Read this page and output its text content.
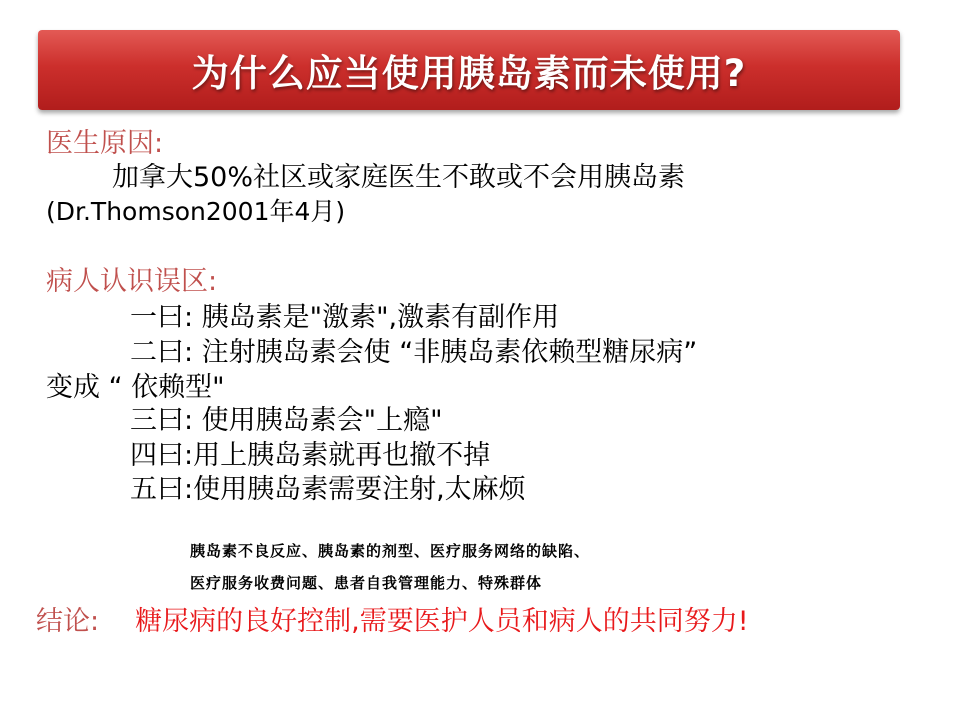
为什么应当使用胰岛素而未使用?
医生原因:
加拿大50%社区或家庭医生不敢或不会用胰岛素
(Dr.Thomson2001年4月)
病人认识误区:
一曰: 胰岛素是"激素",激素有副作用
二曰: 注射胰岛素会使 “非胰岛素依赖型糖尿病”
变成 “ 依赖型"
三曰: 使用胰岛素会"上瘾"
四曰:用上胰岛素就再也撤不掉
五曰:使用胰岛素需要注射,太麻烦
胰岛素不良反应、胰岛素的剂型、医疗服务网络的缺陷、
医疗服务收费问题、患者自我管理能力、特殊群体
结论: 糖尿病的良好控制,需要医护人员和病人的共同努力!
